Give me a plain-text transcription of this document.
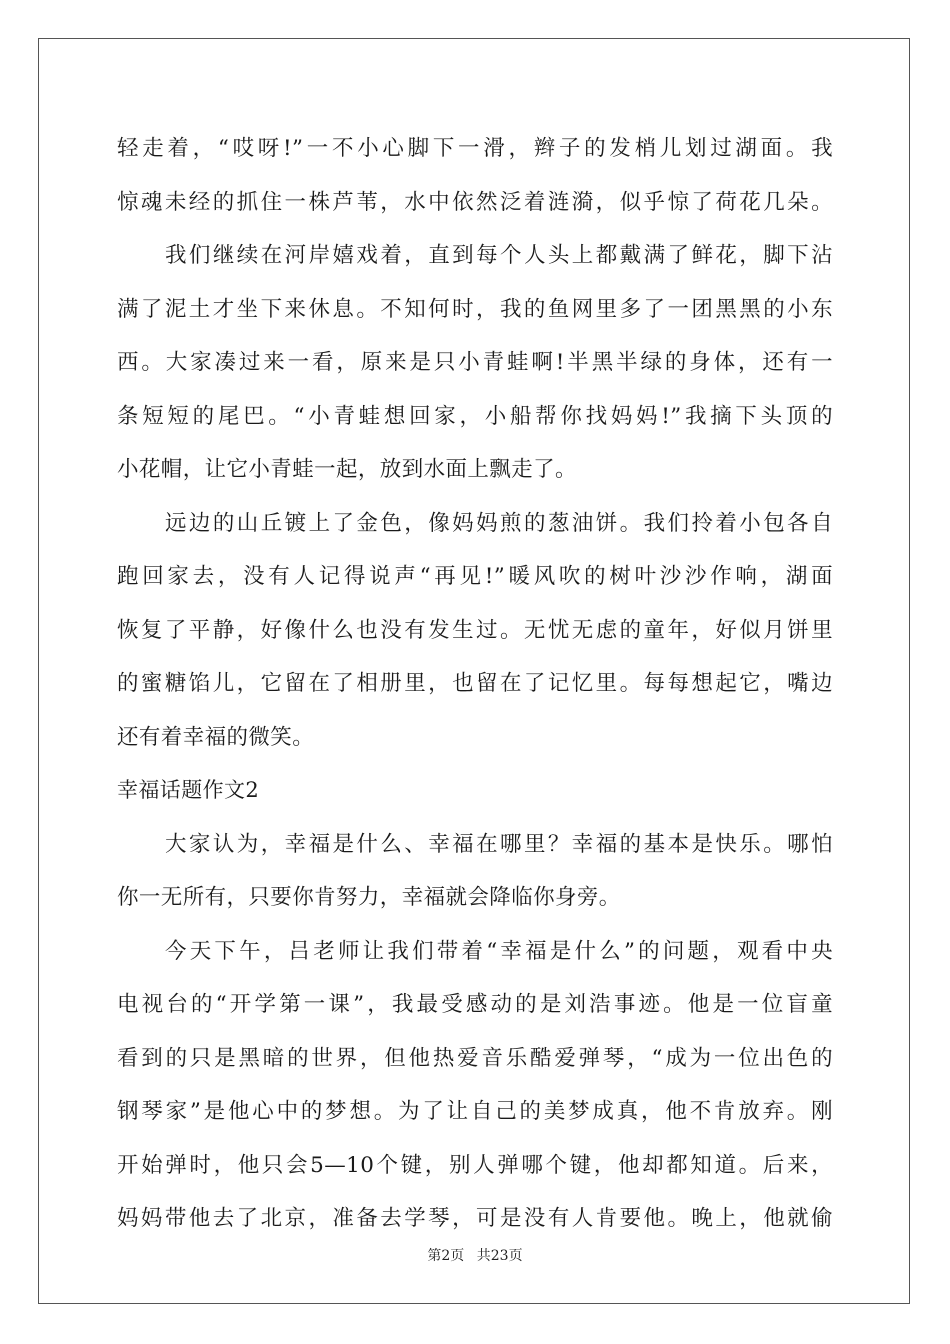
轻走着，“哎呀!”一不小心脚下一滑，辫子的发梢儿划过湖面。我
惊魂未经的抓住一株芦苇，水中依然泛着涟漪，似乎惊了荷花几朵。
我们继续在河岸嬉戏着，直到每个人头上都戴满了鲜花，脚下沾
满了泥土才坐下来休息。不知何时，我的鱼网里多了一团黑黑的小东
西。大家凑过来一看，原来是只小青蛙啊!半黑半绿的身体，还有一
条短短的尾巴。“小青蛙想回家，小船帮你找妈妈!”我摘下头顶的
小花帽，让它小青蛙一起，放到水面上飘走了。
远边的山丘镀上了金色，像妈妈煎的葱油饼。我们拎着小包各自
跑回家去，没有人记得说声“再见!”暖风吹的树叶沙沙作响，湖面
恢复了平静，好像什么也没有发生过。无忧无虑的童年，好似月饼里
的蜜糖馅儿，它留在了相册里，也留在了记忆里。每每想起它，嘴边
还有着幸福的微笑。
幸福话题作文2
大家认为，幸福是什么、幸福在哪里？幸福的基本是快乐。哪怕
你一无所有，只要你肯努力，幸福就会降临你身旁。
今天下午，吕老师让我们带着“幸福是什么”的问题，观看中央
电视台的“开学第一课”，我最受感动的是刘浩事迹。他是一位盲童
看到的只是黑暗的世界，但他热爱音乐酷爱弹琴，“成为一位出色的
钢琴家”是他心中的梦想。为了让自己的美梦成真，他不肯放弃。刚
开始弹时，他只会5—10个键，别人弹哪个键，他却都知道。后来，
妈妈带他去了北京，准备去学琴，可是没有人肯要他。晚上，他就偷
第2页 共23页
